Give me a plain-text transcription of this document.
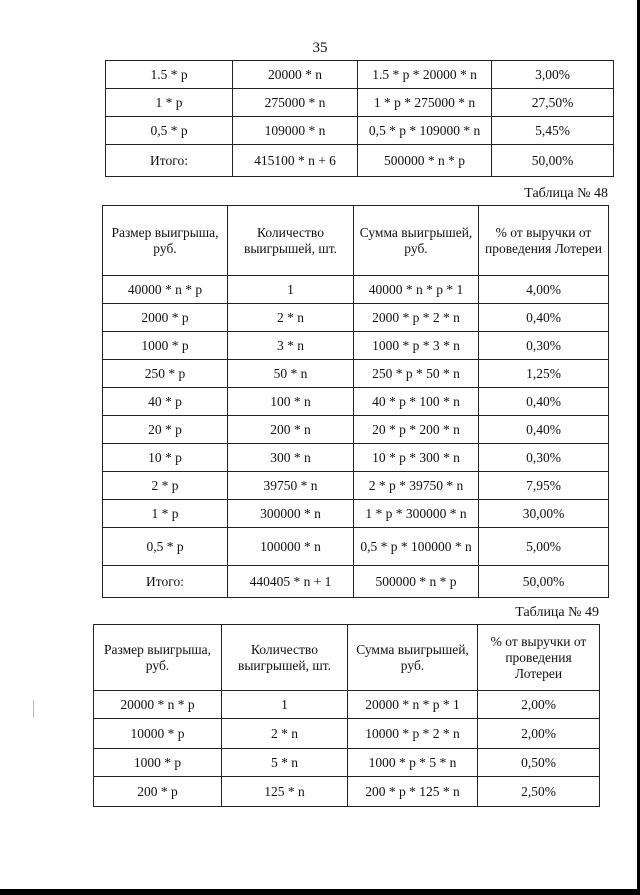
35
1.5 * p	20000 * n	1.5 * p * 20000 * n	3,00%
1 * p	275000 * n	1 * p * 275000 * n	27,50%
0,5 * p	109000 * n	0,5 * p * 109000 * n	5,45%
Итого:	415100 * n + 6	500000 * n * p	50,00%
Таблица № 48
Размер выигрыша, руб.	Количество выигрышей, шт.	Сумма выигрышей, руб.	% от выручки от проведения Лотереи
40000 * n * p	1	40000 * n * p * 1	4,00%
2000 * p	2 * n	2000 * p * 2 * n	0,40%
1000 * p	3 * n	1000 * p * 3 * n	0,30%
250 * p	50 * n	250 * p * 50 * n	1,25%
40 * p	100 * n	40 * p * 100 * n	0,40%
20 * p	200 * n	20 * p * 200 * n	0,40%
10 * p	300 * n	10 * p * 300 * n	0,30%
2 * p	39750 * n	2 * p * 39750 * n	7,95%
1 * p	300000 * n	1 * p * 300000 * n	30,00%
0,5 * p	100000 * n	0,5 * p * 100000 * n	5,00%
Итого:	440405 * n + 1	500000 * n * p	50,00%
Таблица № 49
Размер выигрыша, руб.	Количество выигрышей, шт.	Сумма выигрышей, руб.	% от выручки от проведения Лотереи
20000 * n * p	1	20000 * n * p * 1	2,00%
10000 * p	2 * n	10000 * p * 2 * n	2,00%
1000 * p	5 * n	1000 * p * 5 * n	0,50%
200 * p	125 * n	200 * p * 125 * n	2,50%
